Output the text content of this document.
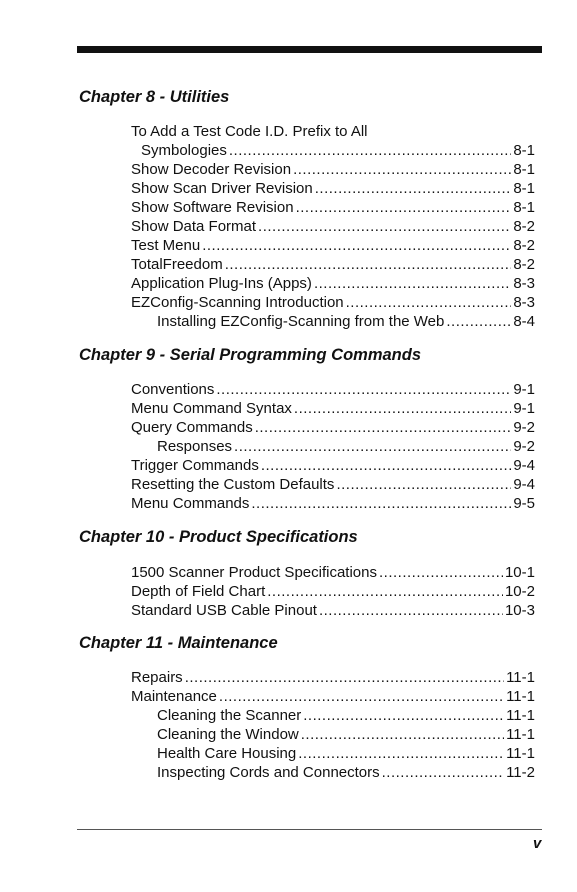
Chapter 8 - Utilities
To Add a Test Code I.D. Prefix to All
Symbologies .....	8-1
Show Decoder Revision .....	8-1
Show Scan Driver Revision .....	8-1
Show Software Revision .....	8-1
Show Data Format .....	8-2
Test Menu .....	8-2
TotalFreedom .....	8-2
Application Plug-Ins (Apps) .....	8-3
EZConfig-Scanning Introduction .....	8-3
Installing EZConfig-Scanning from the Web .....	8-4
Chapter 9 - Serial Programming Commands
Conventions .....	9-1
Menu Command Syntax .....	9-1
Query Commands .....	9-2
Responses .....	9-2
Trigger Commands .....	9-4
Resetting the Custom Defaults .....	9-4
Menu Commands .....	9-5
Chapter 10 - Product Specifications
1500 Scanner Product Specifications .....	10-1
Depth of Field Chart .....	10-2
Standard USB Cable Pinout .....	10-3
Chapter 11 - Maintenance
Repairs .....	11-1
Maintenance .....	11-1
Cleaning the Scanner .....	11-1
Cleaning the Window .....	11-1
Health Care Housing .....	11-1
Inspecting Cords and Connectors .....	11-2
v
